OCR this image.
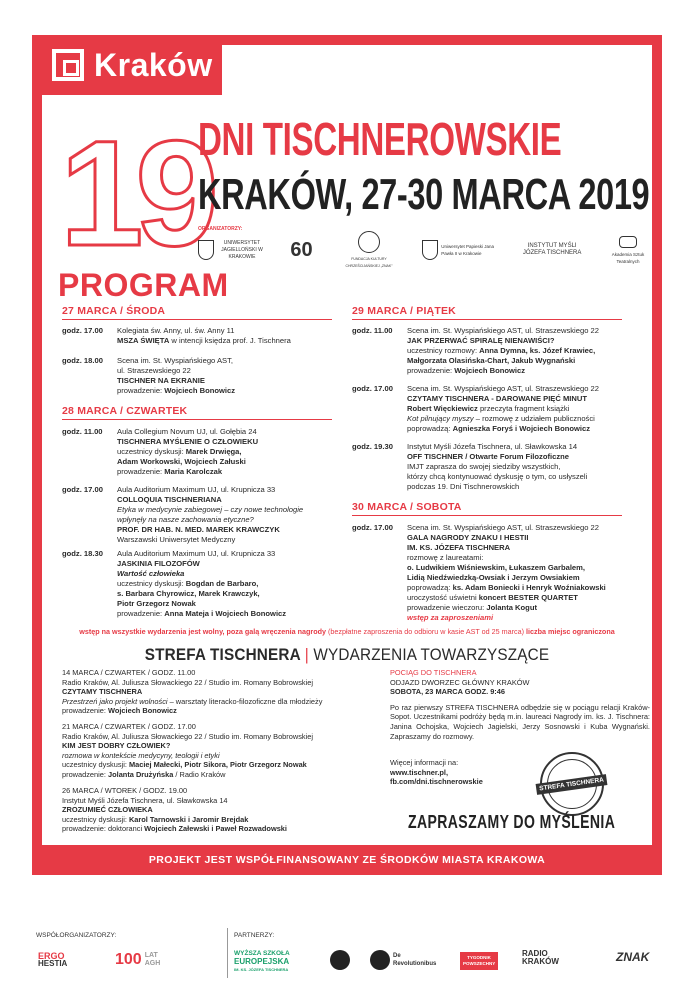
Kraków
19
PROGRAM
DNI TISCHNEROWSKIE
KRAKÓW, 27-30 MARCA 2019
ORGANIZATORZY:
UNIWERSYTET JAGIELLOŃSKI W KRAKOWIE	60	FUNDACJA KULTURY CHRZEŚCIJAŃSKIEJ „ZNAK”
Uniwersytet Papieski Jana Pawła II w Krakowie
INSTYTUT MYŚLI JÓZEFA TISCHNERA	Akademia Sztuk Teatralnych
27 MARCA / ŚRODA
godz. 17.00 Kolegiata św. Anny, ul. św. Anny 11
MSZA ŚWIĘTA w intencji księdza prof. J. Tischnera
godz. 18.00 Scena im. St. Wyspiańskiego AST,
ul. Straszewskiego 22
TISCHNER NA EKRANIE
prowadzenie: Wojciech Bonowicz
28 MARCA / CZWARTEK
godz. 11.00 Aula Collegium Novum UJ, ul. Gołębia 24
TISCHNERA MYŚLENIE O CZŁOWIEKU
uczestnicy dyskusji: Marek Drwięga,
Adam Workowski, Wojciech Załuski
prowadzenie: Maria Karolczak
godz. 17.00 Aula Auditorium Maximum UJ, ul. Krupnicza 33
COLLOQUIA TISCHNERIANA
Etyka w medycynie zabiegowej – czy nowe technologie
wpłynęły na nasze zachowania etyczne?
PROF. DR HAB. N. MED. MAREK KRAWCZYK
Warszawski Uniwersytet Medyczny
godz. 18.30 Aula Auditorium Maximum UJ, ul. Krupnicza 33
JASKINIA FILOZOFÓW
Wartość człowieka
uczestnicy dyskusji: Bogdan de Barbaro,
s. Barbara Chyrowicz, Marek Krawczyk,
Piotr Grzegorz Nowak
prowadzenie: Anna Mateja i Wojciech Bonowicz
29 MARCA / PIĄTEK
godz. 11.00 Scena im. St. Wyspiańskiego AST, ul. Straszewskiego 22
JAK PRZERWAĆ SPIRALĘ NIENAWIŚCI?
uczestnicy rozmowy: Anna Dymna, ks. Józef Krawiec,
Małgorzata Olasińska-Chart, Jakub Wygnański
prowadzenie: Wojciech Bonowicz
godz. 17.00 Scena im. St. Wyspiańskiego AST, ul. Straszewskiego 22
CZYTAMY TISCHNERA - DAROWANE PIĘĆ MINUT
Robert Więckiewicz przeczyta fragment książki
Kot pilnujący myszy – rozmowę z udziałem publiczności
poprowadzą: Agnieszka Foryś i Wojciech Bonowicz
godz. 19.30 Instytut Myśli Józefa Tischnera, ul. Sławkowska 14
OFF TISCHNER / Otwarte Forum Filozoficzne
IMJT zaprasza do swojej siedziby wszystkich,
którzy chcą kontynuować dyskusję o tym, co usłyszeli
podczas 19. Dni Tischnerowskich
30 MARCA / SOBOTA
godz. 17.00 Scena im. St. Wyspiańskiego AST, ul. Straszewskiego 22
GALA NAGRODY ZNAKU I HESTII
IM. KS. JÓZEFA TISCHNERA
rozmowę z laureatami:
o. Ludwikiem Wiśniewskim, Łukaszem Garbalem,
Lidią Niedźwiedzką-Owsiak i Jerzym Owsiakiem
poprowadzą: ks. Adam Boniecki i Henryk Woźniakowski
uroczystość uświetni koncert BESTER QUARTET
prowadzenie wieczoru: Jolanta Kogut
wstęp za zaproszeniami
wstęp na wszystkie wydarzenia jest wolny, poza galą wręczenia nagrody (bezpłatne zaproszenia do odbioru w kasie AST od 25 marca) liczba miejsc ograniczona
STREFA TISCHNERA | WYDARZENIA TOWARZYSZĄCE
14 MARCA / CZWARTEK / GODZ. 11.00
Radio Kraków, Al. Juliusza Słowackiego 22 / Studio im. Romany Bobrowskiej
CZYTAMY TISCHNERA
Przestrzeń jako projekt wolności – warsztaty literacko-filozoficzne dla młodzieży
prowadzenie: Wojciech Bonowicz
21 MARCA / CZWARTEK / GODZ. 17.00
Radio Kraków, Al. Juliusza Słowackiego 22 / Studio im. Romany Bobrowskiej
KIM JEST DOBRY CZŁOWIEK?
rozmowa w kontekście medycyny, teologii i etyki
uczestnicy dyskusji: Maciej Małecki, Piotr Sikora, Piotr Grzegorz Nowak
prowadzenie: Jolanta Drużyńska / Radio Kraków
26 MARCA / WTOREK / GODZ. 19.00
Instytut Myśli Józefa Tischnera, ul. Sławkowska 14
ZROZUMIEĆ CZŁOWIEKA
uczestnicy dyskusji: Karol Tarnowski i Jaromir Brejdak
prowadzenie: doktoranci Wojciech Załewski i Paweł Rozwadowski
POCIĄG DO TISCHNERA
ODJAZD DWORZEC GŁÓWNY KRAKÓW
SOBOTA, 23 MARCA GODZ. 9:46
Po raz pierwszy STREFA TISCHNERA odbędzie się w pociągu relacji Kraków-Sopot. Uczestnikami podróży będą m.in. laureaci Nagrody im. ks. J. Tischnera: Janina Ochojska, Wojciech Jagielski, Jerzy Sosnowski i Kuba Wygnański. Zapraszamy do rozmowy.
Więcej informacji na:
www.tischner.pl, fb.com/dni.tischnerowskie	STREFA TISCHNERA
ZAPRASZAMY DO MYŚLENIA
PROJEKT JEST WSPÓŁFINANSOWANY ZE ŚRODKÓW MIASTA KRAKOWA
WSPÓŁORGANIZATORZY:	PARTNERZY:
ERGO
HESTIA	100 LAT AGH
WYŻSZA SZKOŁA
EUROPEJSKA
IM. KS. JÓZEFA TISCHNERA
De
Revolutionibus
TYGODNIK POWSZECHNY
RADIO
KRAKÓW	ZNAK
